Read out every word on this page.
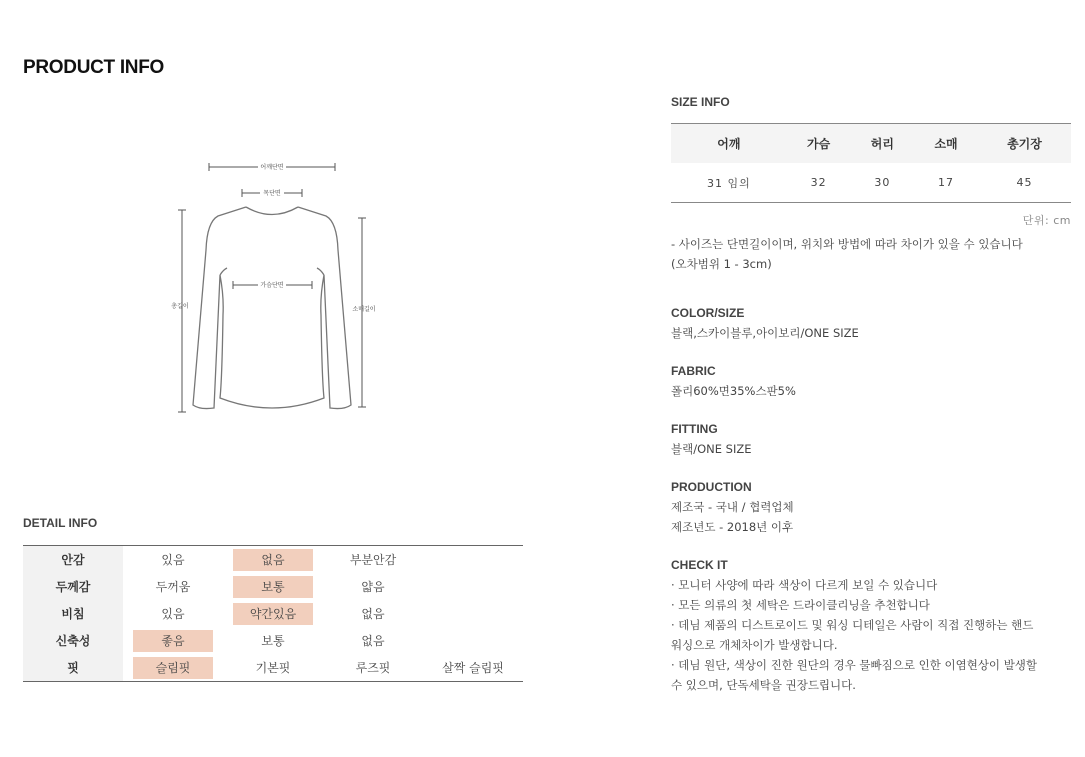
PRODUCT INFO
어깨단면
목단면
가슴단면
총길이	소매길이
DETAIL INFO
안감	있음	없음	부분안감	
두께감	두꺼움	보통	얇음	
비침	있음	약간있음	없음	
신축성	좋음	보통	없음	
핏	슬림핏	기본핏	루즈핏	살짝 슬림핏
SIZE INFO
어깨	가슴	허리	소매	총기장
31 임의	32	30	17	45
단위: cm
- 사이즈는 단면길이이며, 위치와 방법에 따라 차이가 있을 수 있습니다
(오차범위 1 - 3cm)
COLOR/SIZE
블랙,스카이블루,아이보리/ONE SIZE
FABRIC
폴리60%면35%스판5%
FITTING
블랙/ONE SIZE
PRODUCTION
제조국 - 국내 / 협력업체
제조년도 - 2018년 이후
CHECK IT
· 모니터 사양에 따라 색상이 다르게 보일 수 있습니다
· 모든 의류의 첫 세탁은 드라이클리닝을 추천합니다
· 데님 제품의 디스트로이드 및 워싱 디테일은 사람이 직접 진행하는 핸드
워싱으로 개체차이가 발생합니다.
· 데님 원단, 색상이 진한 원단의 경우 물빠짐으로 인한 이염현상이 발생할
수 있으며, 단독세탁을 권장드립니다.
